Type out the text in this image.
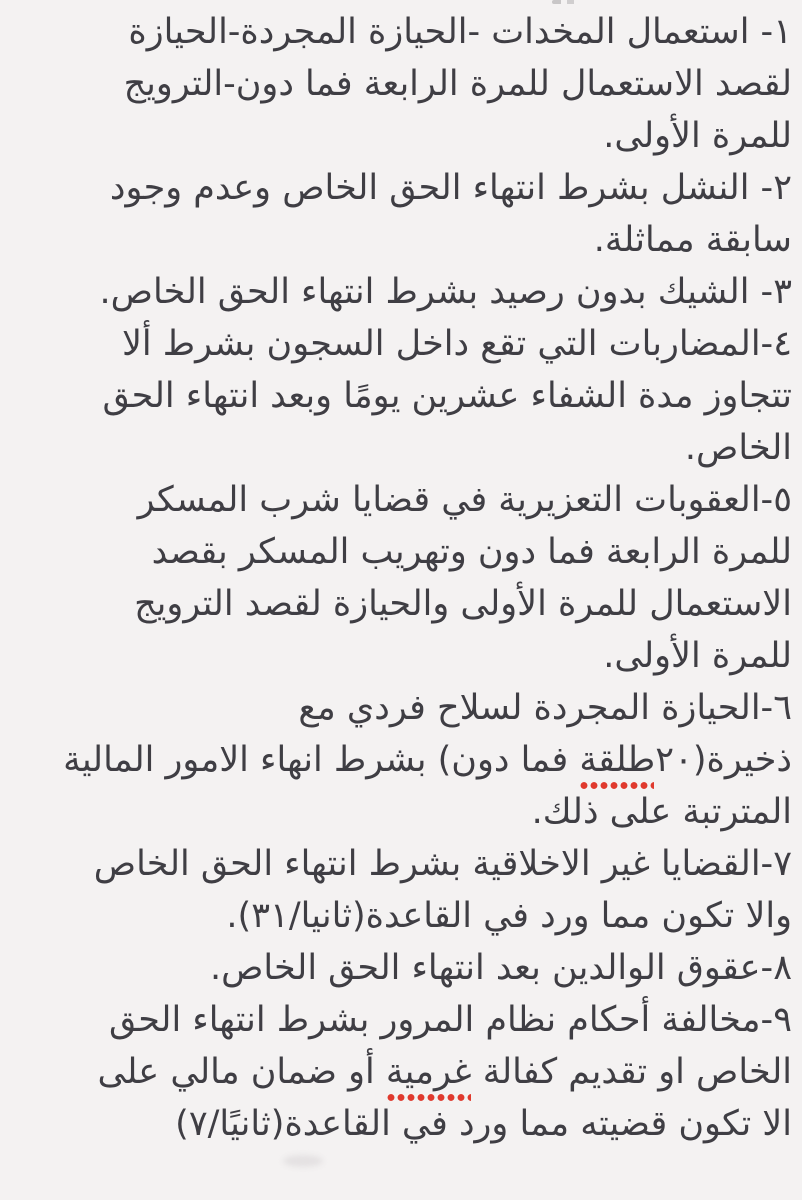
١- استعمال المخدات -الحيازة المجردة-الحيازة

لقصد الاستعمال للمرة الرابعة فما دون-الترويج

للمرة الأولى.

٢- النشل بشرط انتهاء الحق الخاص وعدم وجود

سابقة مماثلة.

٣- الشيك بدون رصيد بشرط انتهاء الحق الخاص.

٤-المضاربات التي تقع داخل السجون بشرط ألا

تتجاوز مدة الشفاء عشرين يومًا وبعد انتهاء الحق

الخاص.

٥-العقوبات التعزيرية في قضايا شرب المسكر

للمرة الرابعة فما دون وتهريب المسكر بقصد

الاستعمال للمرة الأولى والحيازة لقصد الترويج

للمرة الأولى.

٦-الحيازة المجردة لسلاح فردي مع

ذخيرة(٢٠طلقة فما دون) بشرط انهاء الامور المالية

المترتبة على ذلك.

٧-القضايا غير الاخلاقية بشرط انتهاء الحق الخاص

والا تكون مما ورد في القاعدة(ثانيا/٣١).

٨-عقوق الوالدين بعد انتهاء الحق الخاص.

٩-مخالفة أحكام نظام المرور بشرط انتهاء الحق

الخاص او تقديم كفالة غرمية أو ضمان مالي على

الا تكون قضيته مما ورد في القاعدة(ثانيًا/٧)
